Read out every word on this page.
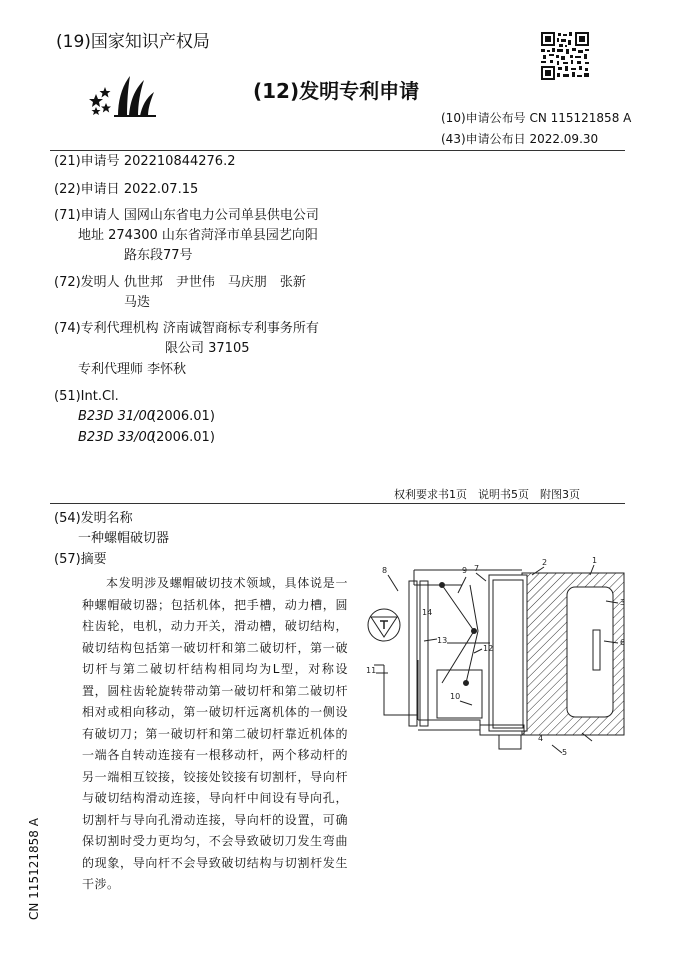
(19)国家知识产权局
(12)发明专利申请
(10)申请公布号 CN 115121858 A
(43)申请公布日 2022.09.30
(21)申请号 202210844276.2
(22)申请日 2022.07.15
(71)申请人 国网山东省电力公司单县供电公司
地址 274300 山东省菏泽市单县园艺向阳
路东段77号
(72)发明人 仇世邦　尹世伟　马庆朋　张新
马迭
(74)专利代理机构 济南诚智商标专利事务所有
限公司 37105
专利代理师 李怀秋
(51)Int.Cl.
B23D 31/00
(2006.01)
B23D 33/00
(2006.01)
权利要求书1页　说明书5页　附图3页
(54)发明名称
一种螺帽破切器
(57)摘要

本发明涉及螺帽破切技术领域，具体说是一种螺帽破切器；包括机体，把手槽，动力槽，圆柱齿轮，电机，动力开关，滑动槽，破切结构，破切结构包括第一破切杆和第二破切杆，第一破切杆与第二破切杆结构相同均为L型，对称设置，圆柱齿轮旋转带动第一破切杆和第二破切杆相对或相向移动，第一破切杆远离机体的一侧设有破切刀；第一破切杆和第二破切杆靠近机体的一端各自转动连接有一根移动杆，两个移动杆的另一端相互铰接，铰接处铰接有切割杆，导向杆与破切结构滑动连接，导向杆中间设有导向孔，切割杆与导向孔滑动连接，导向杆的设置，可确保切割时受力更均匀，不会导致破切刀发生弯曲的现象，导向杆不会导致破切结构与切割杆发生干涉。

CN 115121858 A
8	9 7
2	1
3
6
14
13
12
10
11
4
5
